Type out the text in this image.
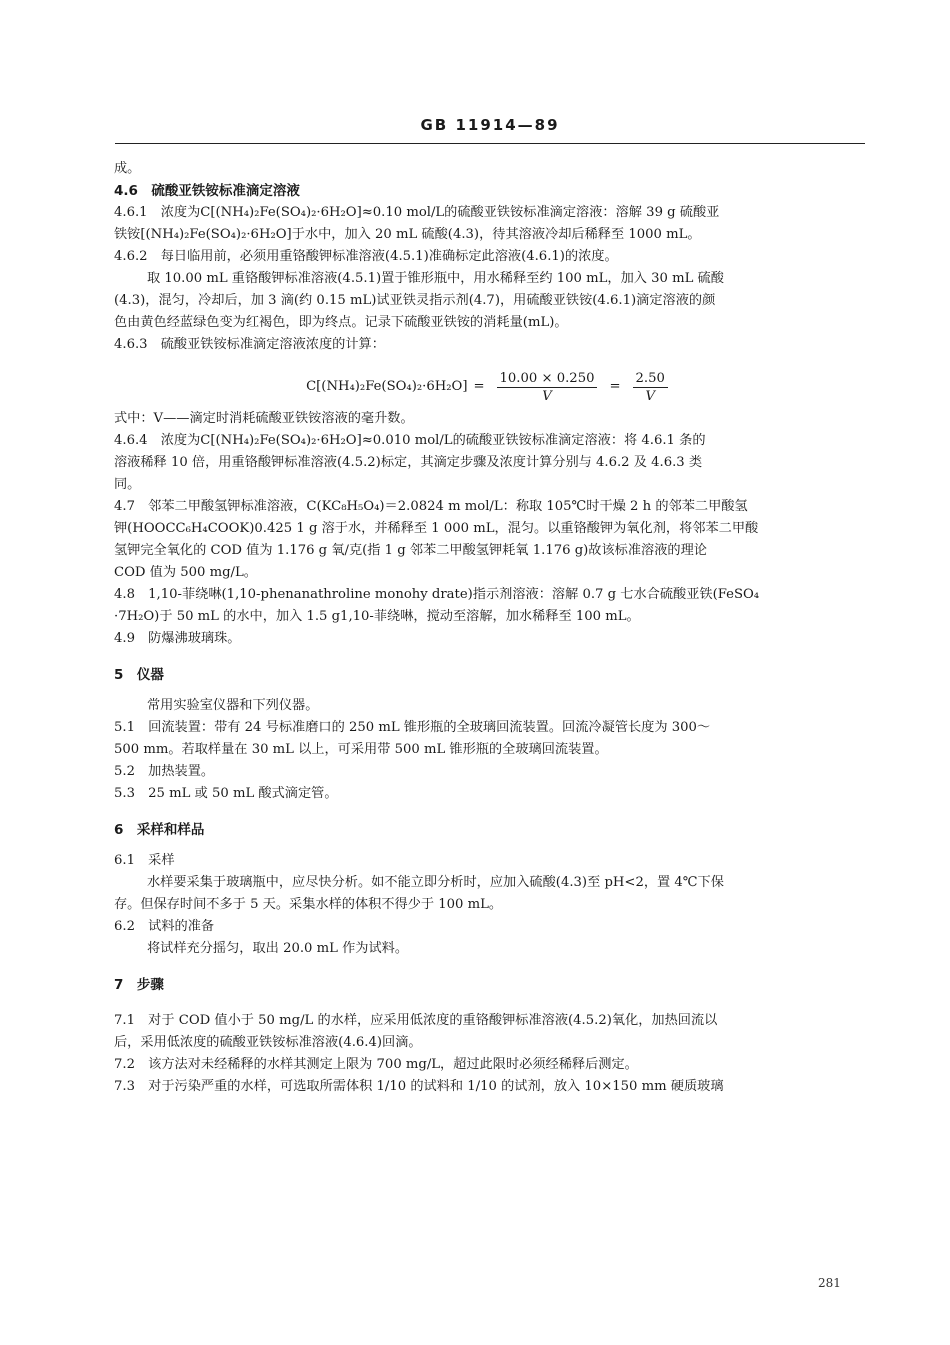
GB 11914—89
成。
4.6　硫酸亚铁铵标准滴定溶液
4.6.1　浓度为C[(NH₄)₂Fe(SO₄)₂·6H₂O]≈0.10 mol/L的硫酸亚铁铵标准滴定溶液：溶解 39 g 硫酸亚
铁铵[(NH₄)₂Fe(SO₄)₂·6H₂O]于水中，加入 20 mL 硫酸(4.3)，待其溶液冷却后稀释至 1000 mL。
4.6.2　每日临用前，必须用重铬酸钾标准溶液(4.5.1)准确标定此溶液(4.6.1)的浓度。
取 10.00 mL 重铬酸钾标准溶液(4.5.1)置于锥形瓶中，用水稀释至约 100 mL，加入 30 mL 硫酸
(4.3)，混匀，冷却后，加 3 滴(约 0.15 mL)试亚铁灵指示剂(4.7)，用硫酸亚铁铵(4.6.1)滴定溶液的颜
色由黄色经蓝绿色变为红褐色，即为终点。记录下硫酸亚铁铵的消耗量(mL)。
4.6.3　硫酸亚铁铵标准滴定溶液浓度的计算：
$C[(NH_4)_2Fe(SO_4)_2\cdot 6H_2O] = \frac{10.00 \times 0.250}{V} = \frac{2.50}{V}$
式中：V——滴定时消耗硫酸亚铁铵溶液的毫升数。
4.6.4　浓度为C[(NH₄)₂Fe(SO₄)₂·6H₂O]≈0.010 mol/L的硫酸亚铁铵标准滴定溶液：将 4.6.1 条的
溶液稀释 10 倍，用重铬酸钾标准溶液(4.5.2)标定，其滴定步骤及浓度计算分别与 4.6.2 及 4.6.3 类
同。
4.7　邻苯二甲酸氢钾标准溶液，C(KC₈H₅O₄)＝2.0824 m mol/L：称取 105℃时干燥 2 h 的邻苯二甲酸氢
钾(HOOCC₆H₄COOK)0.425 1 g 溶于水，并稀释至 1 000 mL，混匀。以重铬酸钾为氧化剂，将邻苯二甲酸
氢钾完全氧化的 COD 值为 1.176 g 氧/克(指 1 g 邻苯二甲酸氢钾耗氧 1.176 g)故该标准溶液的理论
COD 值为 500 mg/L。
4.8　1,10-菲绕啉(1,10-phenanathroline monohy drate)指示剂溶液：溶解 0.7 g 七水合硫酸亚铁(FeSO₄
·7H₂O)于 50 mL 的水中，加入 1.5 g1,10-菲绕啉，搅动至溶解，加水稀释至 100 mL。
4.9　防爆沸玻璃珠。
5　仪器
常用实验室仪器和下列仪器。
5.1　回流装置：带有 24 号标准磨口的 250 mL 锥形瓶的全玻璃回流装置。回流冷凝管长度为 300～
500 mm。若取样量在 30 mL 以上，可采用带 500 mL 锥形瓶的全玻璃回流装置。
5.2　加热装置。
5.3　25 mL 或 50 mL 酸式滴定管。
6　采样和样品
6.1　采样
水样要采集于玻璃瓶中，应尽快分析。如不能立即分析时，应加入硫酸(4.3)至 pH<2，置 4℃下保
存。但保存时间不多于 5 天。采集水样的体积不得少于 100 mL。
6.2　试料的准备
将试样充分摇匀，取出 20.0 mL 作为试料。
7　步骤
7.1　对于 COD 值小于 50 mg/L 的水样，应采用低浓度的重铬酸钾标准溶液(4.5.2)氧化，加热回流以
后，采用低浓度的硫酸亚铁铵标准溶液(4.6.4)回滴。
7.2　该方法对未经稀释的水样其测定上限为 700 mg/L，超过此限时必须经稀释后测定。
7.3　对于污染严重的水样，可选取所需体积 1/10 的试料和 1/10 的试剂，放入 10×150 mm 硬质玻璃
281
